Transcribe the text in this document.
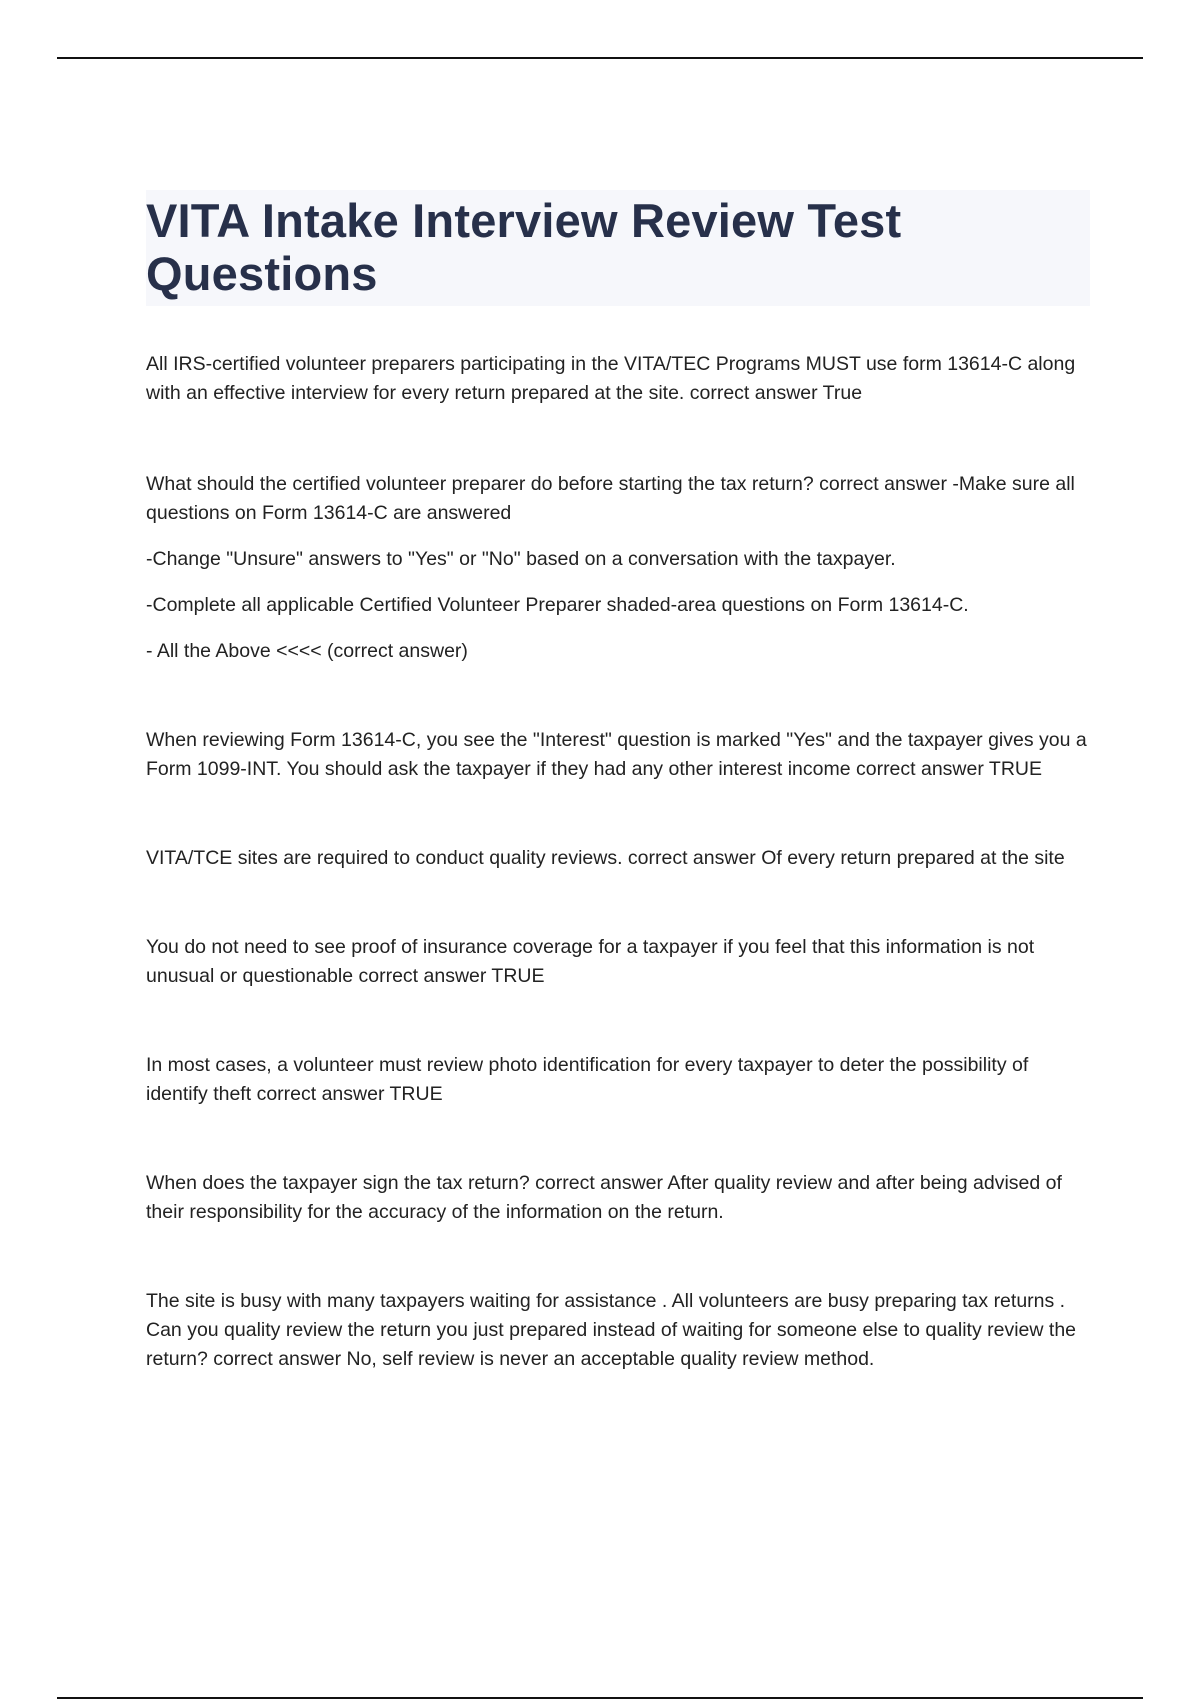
VITA Intake Interview Review Test Questions

All IRS-certified volunteer preparers participating in the VITA/TEC Programs MUST use form 13614-C along with an effective interview for every return prepared at the site. correct answer True

What should the certified volunteer preparer do before starting the tax return? correct answer -Make sure all questions on Form 13614-C are answered

-Change "Unsure" answers to "Yes" or "No" based on a conversation with the taxpayer.

-Complete all applicable Certified Volunteer Preparer shaded-area questions on Form 13614-C.

- All the Above <<<< (correct answer)

When reviewing Form 13614-C, you see the "Interest" question is marked "Yes" and the taxpayer gives you a Form 1099-INT. You should ask the taxpayer if they had any other interest income correct answer TRUE

VITA/TCE sites are required to conduct quality reviews. correct answer Of every return prepared at the site

You do not need to see proof of insurance coverage for a taxpayer if you feel that this information is not unusual or questionable correct answer TRUE

In most cases, a volunteer must review photo identification for every taxpayer to deter the possibility of identify theft correct answer TRUE

When does the taxpayer sign the tax return? correct answer After quality review and after being advised of their responsibility for the accuracy of the information on the return.

The site is busy with many taxpayers waiting for assistance . All volunteers are busy preparing tax returns . Can you quality review the return you just prepared instead of waiting for someone else to quality review the return? correct answer No, self review is never an acceptable quality review method.
